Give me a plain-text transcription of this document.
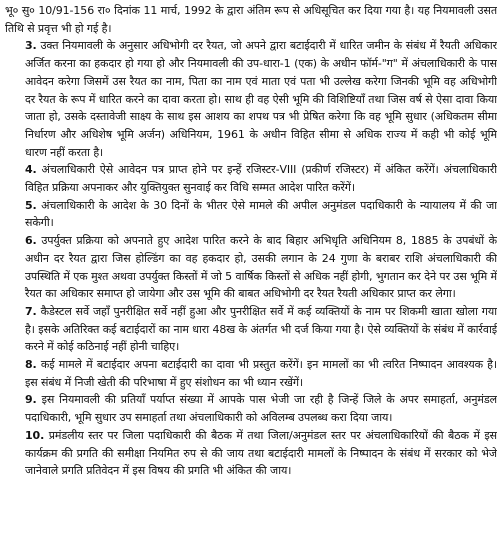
भू० सु० 10/91-156 रा० दिनांक 11 मार्च, 1992 के द्वारा अंतिम रूप से अधिसूचित कर दिया गया है। यह नियमावली उसत तिथि से प्रवृत्त भी हो गई है।

3. उक्त नियमावली के अनुसार अधिभोगी दर रैयत, जो अपने द्वारा बटाईदारी में धारित जमीन के संबंध में रैयती अधिकार अर्जित करना का हकदार हो गया हो और नियमावली की उप-धारा-1 (एक) के अधीन फॉर्म-"ग" में अंचलाधिकारी के पास आवेदन करेगा जिसमें उस रैयत का नाम, पिता का नाम एवं माता एवं पता भी उल्लेख करेगा जिनकी भूमि वह अधिभोगी दर रैयत के रूप में धारित करने का दावा करता हो। साथ ही वह ऐसी भूमि की विशिष्टियाँ तथा जिस वर्ष से ऐसा दावा किया जाता हो, उसके दस्तावेजी साक्ष्य के साथ इस आशय का शपथ पत्र भी प्रेषित करेगा कि वह भूमि सुधार (अधिकतम सीमा निर्धारण और अधिशेष भूमि अर्जन) अधिनियम, 1961 के अधीन विहित सीमा से अधिक राज्य में कही भी कोई भूमि धारण नहीं करता है।

4. अंचलाधिकारी ऐसे आवेदन पत्र प्राप्त होने पर इन्हें रजिस्टर-VIII (प्रकीर्ण रजिस्टर) में अंकित करेंगें। अंचलाधिकारी विहित प्रक्रिया अपनाकर और युक्तियुक्त सुनवाई कर विधि सम्मत आदेश पारित करेंगें।

5. अंचलाधिकारी के आदेश के 30 दिनों के भीतर ऐसे मामले की अपील अनुमंडल पदाधिकारी के न्यायालय में की जा सकेगी।

6. उपर्युक्त प्रक्रिया को अपनाते हुए आदेश पारित करने के बाद बिहार अभिधृति अधिनियम 8, 1885 के उपबंधों के अधीन दर रैयत द्वारा जिस होल्डिंग का वह हकदार हो, उसकी लगान के 24 गुणा के बराबर राशि अंचलाधिकारी की उपस्थिति में एक मुश्त अथवा उपर्युक्त किस्तों में जो 5 वार्षिक किस्तों से अधिक नहीं होगी, भुगतान कर देने पर उस भूमि में रैयत का अधिकार समाप्त हो जायेगा और उस भूमि की बाबत अधिभोगी दर रैयत रैयती अधिकार प्राप्त कर लेगा।

7. कैडेस्टल सर्वे जहाँ पुनरीक्षित सर्वे नहीं हुआ और पुनरीक्षित सर्वे में कई व्यक्तियों के नाम पर शिकमी खाता खोला गया है। इसके अतिरिक्त कई बटाईदारों का नाम धारा 48ख के अंतर्गत भी दर्ज किया गया है। ऐसे व्यक्तियों के संबंध में कार्रवाई करने में कोई कठिनाई नहीं होनी चाहिए।

8. कई मामले में बटाईदार अपना बटाईदारी का दावा भी प्रस्तुत करेंगें। इन मामलों का भी त्वरित निष्पादन आवश्यक है। इस संबंध में निजी खेती की परिभाषा में हुए संशोधन का भी ध्यान रखेंगें।

9. इस नियमावली की प्रतियाँ पर्याप्त संख्या में आपके पास भेजी जा रही है जिन्हें जिले के अपर समाहर्ता, अनुमंडल पदाधिकारी, भूमि सुधार उप समाहर्ता तथा अंचलाधिकारी को अविलम्ब उपलब्ध करा दिया जाय।

10. प्रमंडलीय स्तर पर जिला पदाधिकारी की बैठक में तथा जिला/अनुमंडल स्तर पर अंचलाधिकारियों की बैठक में इस कार्यक्रम की प्रगति की समीक्षा नियमित रुप से की जाय तथा बटाईदारी मामलों के निष्पादन के संबंध में सरकार को भेजे जानेवाले प्रगति प्रतिवेदन में इस विषय की प्रगति भी अंकित की जाय।
